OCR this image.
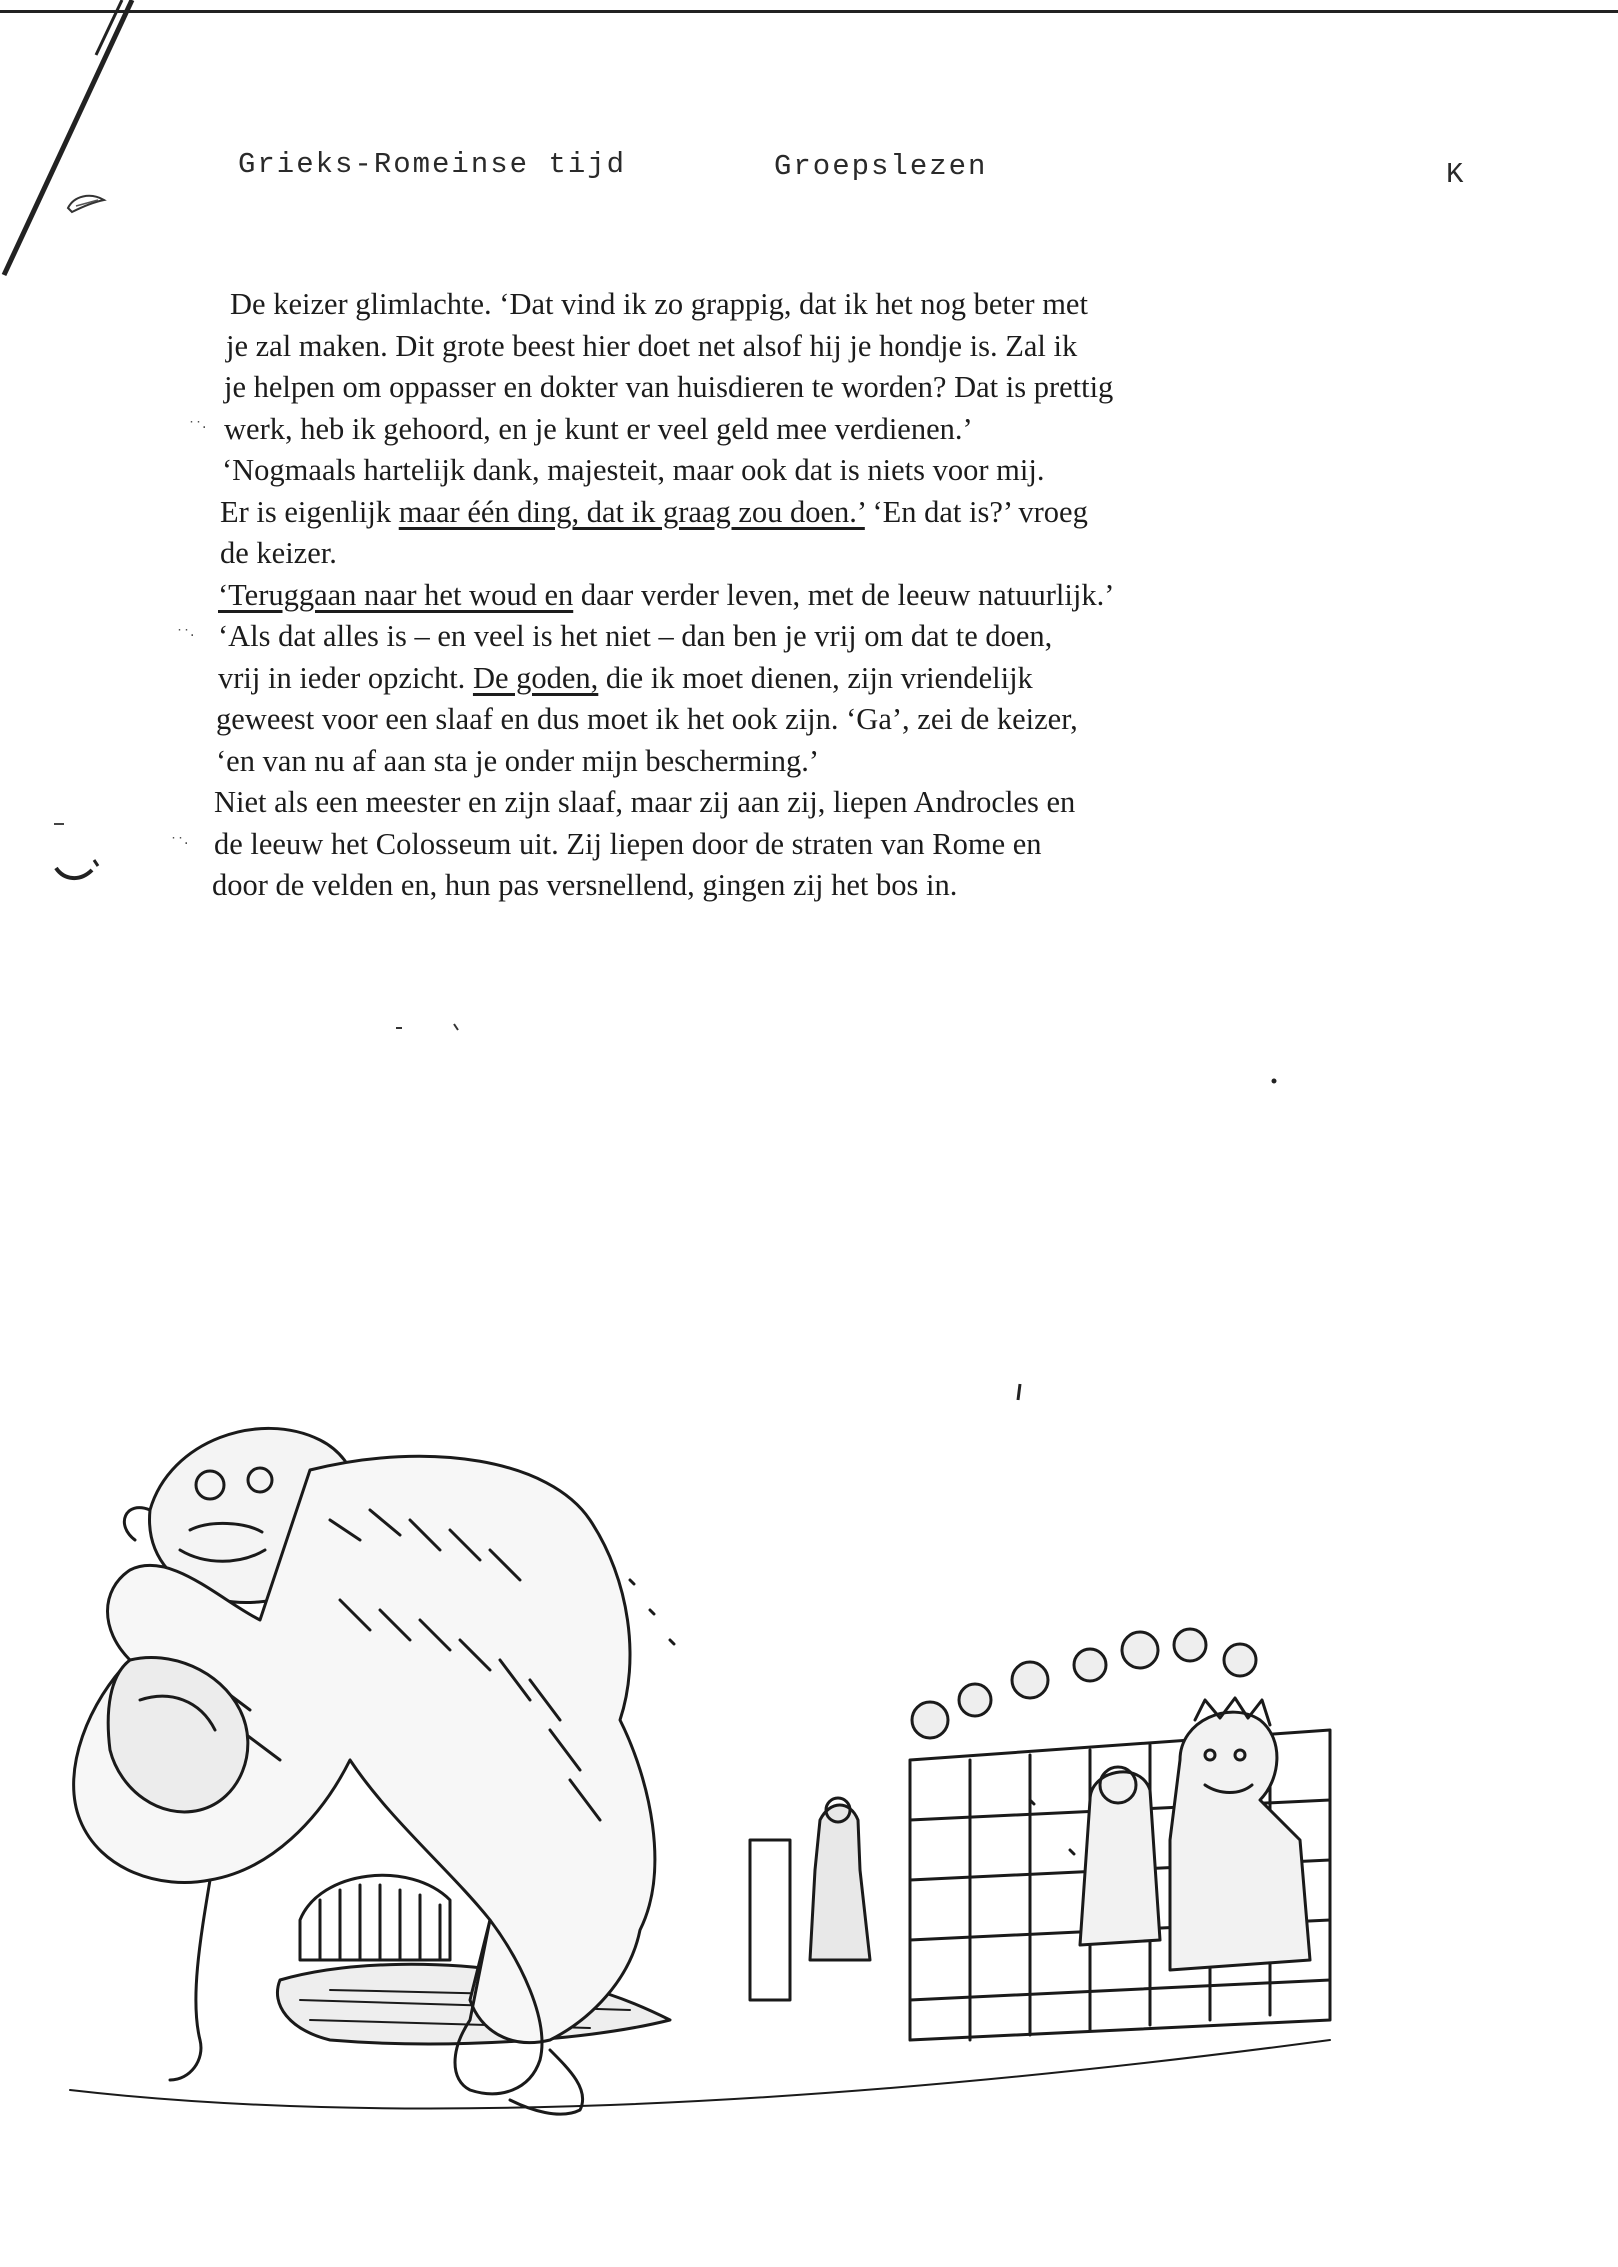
Grieks-Romeinse tijd	Groepslezen	K
De keizer glimlachte. ‘Dat vind ik zo grappig, dat ik het nog beter met
je zal maken. Dit grote beest hier doet net alsof hij je hondje is. Zal ik
je helpen om oppasser en dokter van huisdieren te worden? Dat is prettig
werk, heb ik gehoord, en je kunt er veel geld mee verdienen.’
‘Nogmaals hartelijk dank, majesteit, maar ook dat is niets voor mij.
Er is eigenlijk maar één ding, dat ik graag zou doen.’ ‘En dat is?’ vroeg
de keizer.
‘Teruggaan naar het woud en daar verder leven, met de leeuw natuurlijk.’
‘Als dat alles is – en veel is het niet – dan ben je vrij om dat te doen,
vrij in ieder opzicht. De goden, die ik moet dienen, zijn vriendelijk
geweest voor een slaaf en dus moet ik het ook zijn. ‘Ga’, zei de keizer,
‘en van nu af aan sta je onder mijn bescherming.’
Niet als een meester en zijn slaaf, maar zij aan zij, liepen Androcles en
de leeuw het Colosseum uit. Zij liepen door de straten van Rome en
door de velden en, hun pas versnellend, gingen zij het bos in.
˙˙·
˙˙·
˙˙·
